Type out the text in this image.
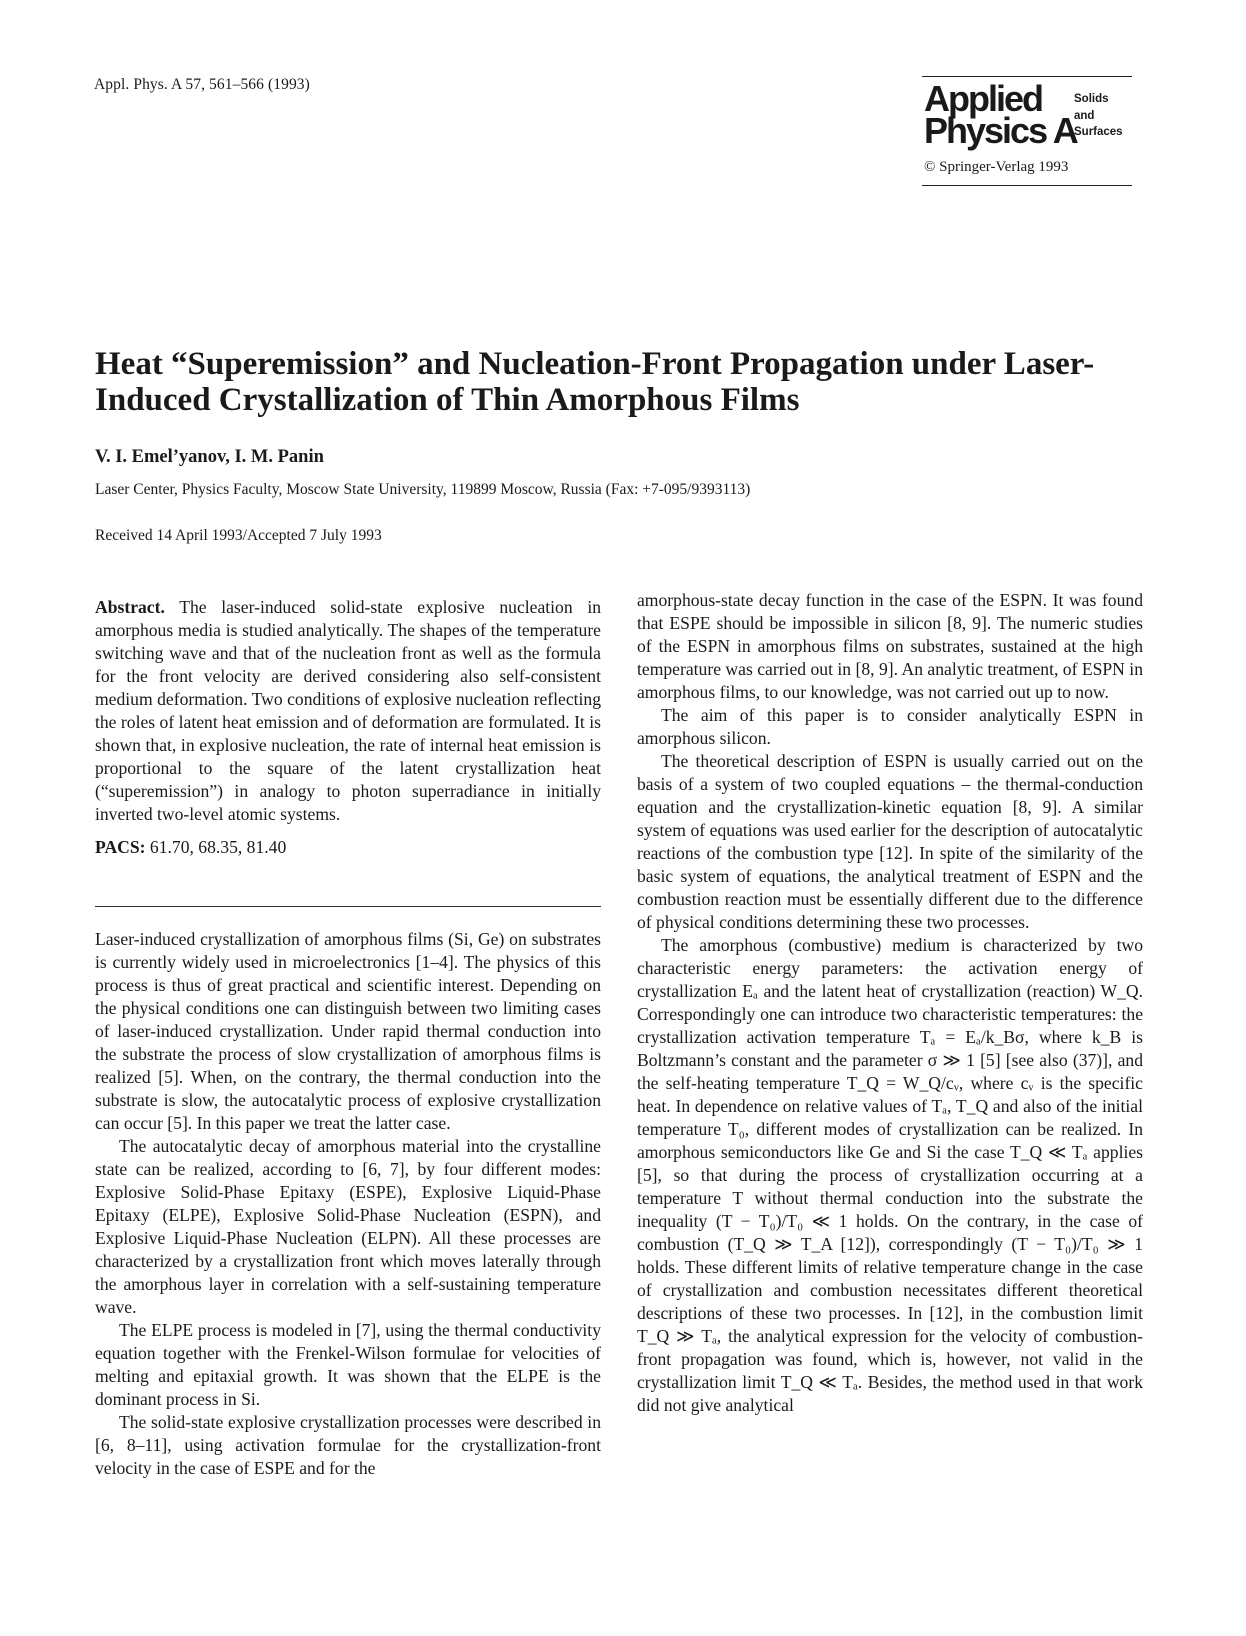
Appl. Phys. A 57, 561–566 (1993)	Applied
Physics A
Solids
and
Surfaces
© Springer-Verlag 1993
Heat “Superemission” and Nucleation-Front Propagation under Laser-Induced Crystallization of Thin Amorphous Films
V. I. Emel’yanov, I. M. Panin
Laser Center, Physics Faculty, Moscow State University, 119899 Moscow, Russia (Fax: +7-095/9393113)
Received 14 April 1993/Accepted 7 July 1993

Abstract. The laser-induced solid-state explosive nucleation in amorphous media is studied analytically. The shapes of the temperature switching wave and that of the nucleation front as well as the formula for the front velocity are derived considering also self-consistent medium deformation. Two conditions of explosive nucleation reflecting the roles of latent heat emission and of deformation are formulated. It is shown that, in explosive nucleation, the rate of internal heat emission is proportional to the square of the latent crystallization heat (“superemission”) in analogy to photon superradiance in initially inverted two-level atomic systems.

PACS: 61.70, 68.35, 81.40

Laser-induced crystallization of amorphous films (Si, Ge) on substrates is currently widely used in microelectronics [1–4]. The physics of this process is thus of great practical and scientific interest. Depending on the physical conditions one can distinguish between two limiting cases of laser-induced crystallization. Under rapid thermal conduction into the substrate the process of slow crystallization of amorphous films is realized [5]. When, on the contrary, the thermal conduction into the substrate is slow, the autocatalytic process of explosive crystallization can occur [5]. In this paper we treat the latter case.

The autocatalytic decay of amorphous material into the crystalline state can be realized, according to [6, 7], by four different modes: Explosive Solid-Phase Epitaxy (ESPE), Explosive Liquid-Phase Epitaxy (ELPE), Explosive Solid-Phase Nucleation (ESPN), and Explosive Liquid-Phase Nucleation (ELPN). All these processes are characterized by a crystallization front which moves laterally through the amorphous layer in correlation with a self-sustaining temperature wave.

The ELPE process is modeled in [7], using the thermal conductivity equation together with the Frenkel-Wilson formulae for velocities of melting and epitaxial growth. It was shown that the ELPE is the dominant process in Si.

The solid-state explosive crystallization processes were described in [6, 8–11], using activation formulae for the crystallization-front velocity in the case of ESPE and for the

amorphous-state decay function in the case of the ESPN. It was found that ESPE should be impossible in silicon [8, 9]. The numeric studies of the ESPN in amorphous films on substrates, sustained at the high temperature was carried out in [8, 9]. An analytic treatment, of ESPN in amorphous films, to our knowledge, was not carried out up to now.

The aim of this paper is to consider analytically ESPN in amorphous silicon.

The theoretical description of ESPN is usually carried out on the basis of a system of two coupled equations – the thermal-conduction equation and the crystallization-kinetic equation [8, 9]. A similar system of equations was used earlier for the description of autocatalytic reactions of the combustion type [12]. In spite of the similarity of the basic system of equations, the analytical treatment of ESPN and the combustion reaction must be essentially different due to the difference of physical conditions determining these two processes.

The amorphous (combustive) medium is characterized by two characteristic energy parameters: the activation energy of crystallization Eₐ and the latent heat of crystallization (reaction) W_Q. Correspondingly one can introduce two characteristic temperatures: the crystallization activation temperature Tₐ = Eₐ/k_Bσ, where k_B is Boltzmann’s constant and the parameter σ ≫ 1 [5] [see also (37)], and the self-heating temperature T_Q = W_Q/cᵥ, where cᵥ is the specific heat. In dependence on relative values of Tₐ, T_Q and also of the initial temperature T₀, different modes of crystallization can be realized. In amorphous semiconductors like Ge and Si the case T_Q ≪ Tₐ applies [5], so that during the process of crystallization occurring at a temperature T without thermal conduction into the substrate the inequality (T − T₀)/T₀ ≪ 1 holds. On the contrary, in the case of combustion (T_Q ≫ T_A [12]), correspondingly (T − T₀)/T₀ ≫ 1 holds. These different limits of relative temperature change in the case of crystallization and combustion necessitates different theoretical descriptions of these two processes. In [12], in the combustion limit T_Q ≫ Tₐ, the analytical expression for the velocity of combustion-front propagation was found, which is, however, not valid in the crystallization limit T_Q ≪ Tₐ. Besides, the method used in that work did not give analytical
